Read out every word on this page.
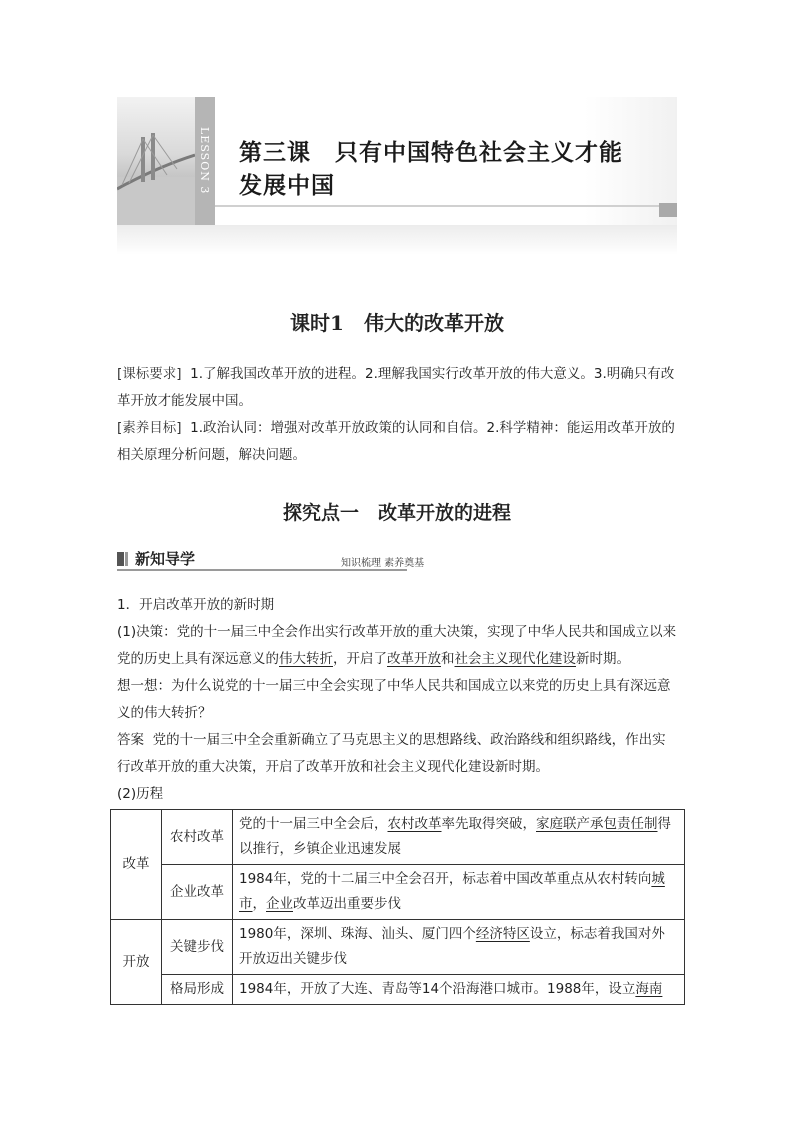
LESSON 3 第三课　只有中国特色社会主义才能
发展中国
课时1　伟大的改革开放
[课标要求] 1.了解我国改革开放的进程。2.理解我国实行改革开放的伟大意义。3.明确只有改革开放才能发展中国。
[素养目标] 1.政治认同：增强对改革开放政策的认同和自信。2.科学精神：能运用改革开放的相关原理分析问题，解决问题。
探究点一　改革开放的进程
新知导学	知识梳理 素养奠基
1．开启改革开放的新时期
(1)决策：党的十一届三中全会作出实行改革开放的重大决策，实现了中华人民共和国成立以来党的历史上具有深远意义的伟大转折，开启了改革开放和社会主义现代化建设新时期。
想一想：为什么说党的十一届三中全会实现了中华人民共和国成立以来党的历史上具有深远意义的伟大转折？
答案 党的十一届三中全会重新确立了马克思主义的思想路线、政治路线和组织路线，作出实行改革开放的重大决策，开启了改革开放和社会主义现代化建设新时期。
(2)历程
改革	农村改革	党的十一届三中全会后，农村改革率先取得突破，家庭联产承包责任制得以推行，乡镇企业迅速发展
	企业改革	1984年，党的十二届三中全会召开，标志着中国改革重点从农村转向城市，企业改革迈出重要步伐
开放	关键步伐	1980年，深圳、珠海、汕头、厦门四个经济特区设立，标志着我国对外开放迈出关键步伐
	格局形成	1984年，开放了大连、青岛等14个沿海港口城市。1988年，设立海南
